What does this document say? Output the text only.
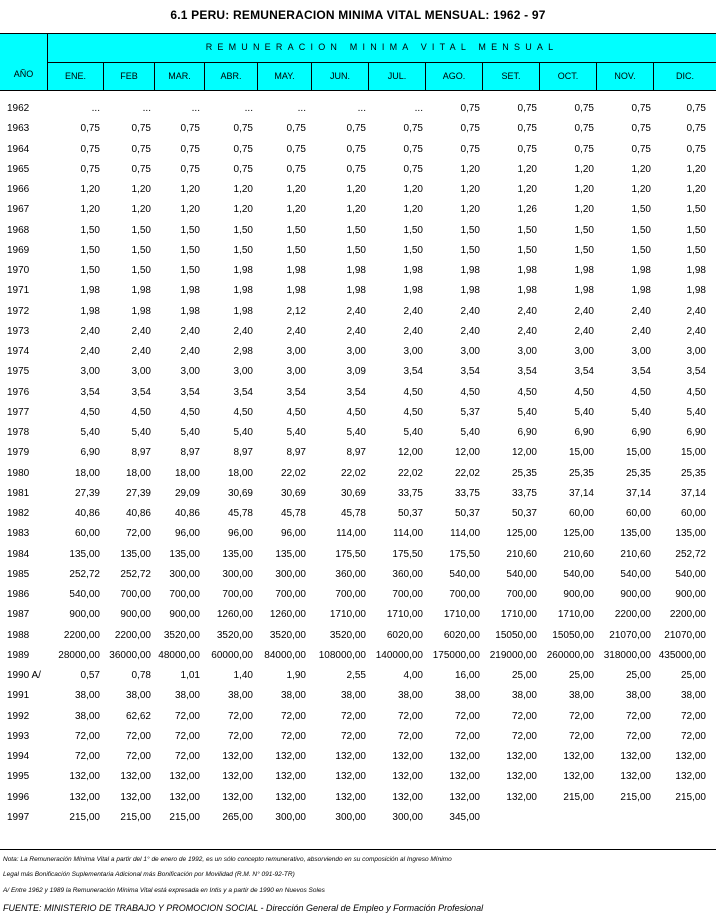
6.1 PERU: REMUNERACION MINIMA VITAL MENSUAL: 1962 - 97
AÑO
REMUNERACION MINIMA VITAL MENSUAL
ENE.	FEB	MAR.	ABR.	MAY.	JUN.	JUL.	AGO.	SET.	OCT.	NOV.	DIC.
1962	...	...	...	...	...	...	...	0,75	0,75	0,75	0,75	0,75
1963	0,75	0,75	0,75	0,75	0,75	0,75	0,75	0,75	0,75	0,75	0,75	0,75
1964	0,75	0,75	0,75	0,75	0,75	0,75	0,75	0,75	0,75	0,75	0,75	0,75
1965	0,75	0,75	0,75	0,75	0,75	0,75	0,75	1,20	1,20	1,20	1,20	1,20
1966	1,20	1,20	1,20	1,20	1,20	1,20	1,20	1,20	1,20	1,20	1,20	1,20
1967	1,20	1,20	1,20	1,20	1,20	1,20	1,20	1,20	1,26	1,20	1,50	1,50
1968	1,50	1,50	1,50	1,50	1,50	1,50	1,50	1,50	1,50	1,50	1,50	1,50
1969	1,50	1,50	1,50	1,50	1,50	1,50	1,50	1,50	1,50	1,50	1,50	1,50
1970	1,50	1,50	1,50	1,98	1,98	1,98	1,98	1,98	1,98	1,98	1,98	1,98
1971	1,98	1,98	1,98	1,98	1,98	1,98	1,98	1,98	1,98	1,98	1,98	1,98
1972	1,98	1,98	1,98	1,98	2,12	2,40	2,40	2,40	2,40	2,40	2,40	2,40
1973	2,40	2,40	2,40	2,40	2,40	2,40	2,40	2,40	2,40	2,40	2,40	2,40
1974	2,40	2,40	2,40	2,98	3,00	3,00	3,00	3,00	3,00	3,00	3,00	3,00
1975	3,00	3,00	3,00	3,00	3,00	3,09	3,54	3,54	3,54	3,54	3,54	3,54
1976	3,54	3,54	3,54	3,54	3,54	3,54	4,50	4,50	4,50	4,50	4,50	4,50
1977	4,50	4,50	4,50	4,50	4,50	4,50	4,50	5,37	5,40	5,40	5,40	5,40
1978	5,40	5,40	5,40	5,40	5,40	5,40	5,40	5,40	6,90	6,90	6,90	6,90
1979	6,90	8,97	8,97	8,97	8,97	8,97	12,00	12,00	12,00	15,00	15,00	15,00
1980	18,00	18,00 18,00	18,00	22,02	22,02	22,02	22,02	25,35	25,35	25,35	25,35
1981	27,39	27,39 29,09	30,69	30,69	30,69	33,75	33,75	33,75	37,14	37,14	37,14
1982	40,86	40,86 40,86	45,78	45,78	45,78	50,37	50,37	50,37	60,00	60,00	60,00
1983	60,00	72,00 96,00	96,00	96,00	114,00	114,00	114,00	125,00	125,00	135,00 135,00
1984	135,00 135,00 135,00 135,00 135,00	175,50	175,50	175,50	210,60	210,60	210,60 252,72
1985	252,72 252,72 300,00 300,00 300,00	360,00	360,00	540,00	540,00	540,00	540,00 540,00
1986	540,00 700,00 700,00 700,00 700,00	700,00	700,00	700,00	700,00	900,00	900,00 900,00
1987	900,00 900,00 900,00 1260,00 1260,00 1710,00 1710,00 1710,00 1710,00 1710,00 2200,00 2200,00
1988	2200,00 2200,00 3520,00 3520,00 3520,00 3520,00 6020,00 6020,00 15050,00 15050,00 21070,00 21070,00
1989	28000,00 36000,00 48000,00 60000,00 84000,00 108000,00 140000,00 175000,00 219000,00 260000,00 318000,00 435000,00
1990 A/	0,57	0,78	1,01	1,40	1,90	2,55	4,00	16,00	25,00	25,00	25,00	25,00
1991	38,00	38,00 38,00	38,00	38,00	38,00	38,00	38,00	38,00	38,00	38,00	38,00
1992	38,00	62,62 72,00	72,00	72,00	72,00	72,00	72,00	72,00	72,00	72,00	72,00
1993	72,00	72,00 72,00	72,00	72,00	72,00	72,00	72,00	72,00	72,00	72,00	72,00
1994	72,00	72,00 72,00 132,00 132,00	132,00	132,00	132,00	132,00	132,00	132,00 132,00
1995	132,00 132,00 132,00 132,00 132,00	132,00	132,00	132,00	132,00	132,00	132,00 132,00
1996	132,00 132,00 132,00 132,00 132,00	132,00	132,00	132,00	132,00	215,00	215,00 215,00
1997	215,00 215,00 215,00 265,00 300,00	300,00	300,00	345,00
Nota: La Remuneración Mínima Vital a partir del 1° de enero de 1992, es un sólo concepto remunerativo, absorviendo en su composición al Ingreso Mínimo
Legal más Bonificación Suplementaria Adicional más Bonificación por Movilidad (R.M. N° 091-92-TR)
A/ Entre 1962 y 1989 la Remuneración Mínima Vital está expresada en Intis y a partir de 1990 en Nuevos Soles
FUENTE: MINISTERIO DE TRABAJO Y PROMOCION SOCIAL - Dirección General de Empleo y Formación Profesional
